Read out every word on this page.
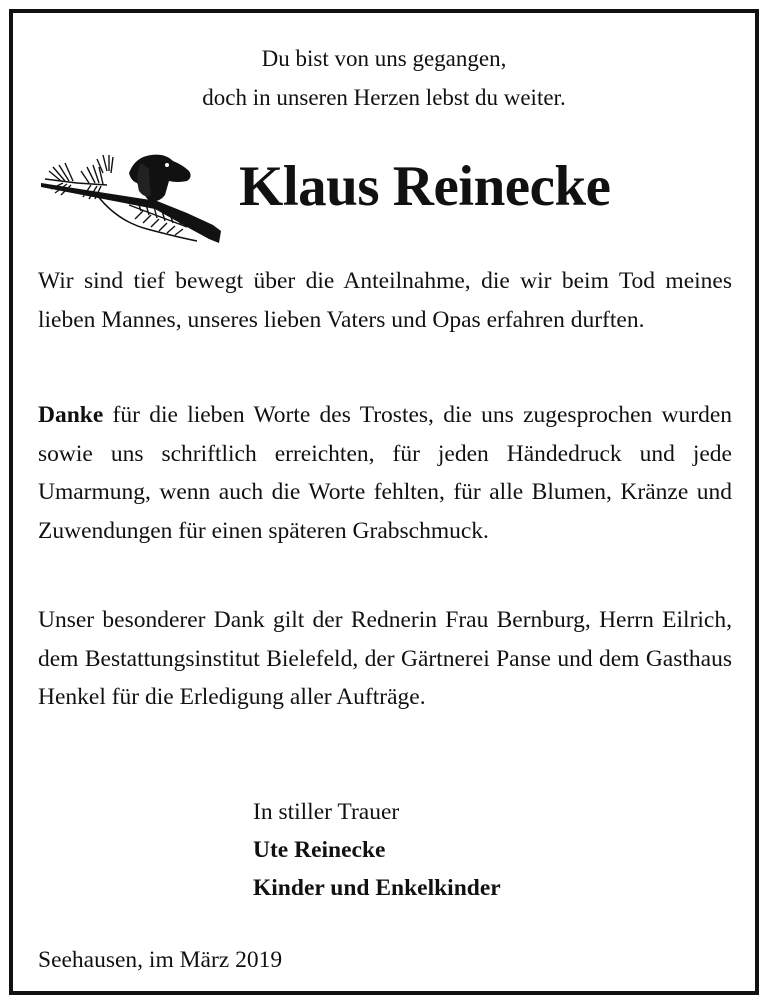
Du bist von uns gegangen,
doch in unseren Herzen lebst du weiter.
Klaus Reinecke

Wir sind tief bewegt über die Anteilnahme, die wir beim Tod meines lieben Mannes, unseres lieben Vaters und Opas erfahren durften.

Danke für die lieben Worte des Trostes, die uns zugesprochen wurden sowie uns schriftlich erreichten, für jeden Händedruck und jede Umarmung, wenn auch die Worte fehlten, für alle Blumen, Kränze und Zuwendungen für einen späteren Grabschmuck.

Unser besonderer Dank gilt der Rednerin Frau Bernburg, Herrn Eilrich, dem Bestattungsinstitut Bielefeld, der Gärtnerei Panse und dem Gasthaus Henkel für die Erledigung aller Aufträge.

In stiller Trauer
Ute Reinecke
Kinder und Enkelkinder
Seehausen, im März 2019
